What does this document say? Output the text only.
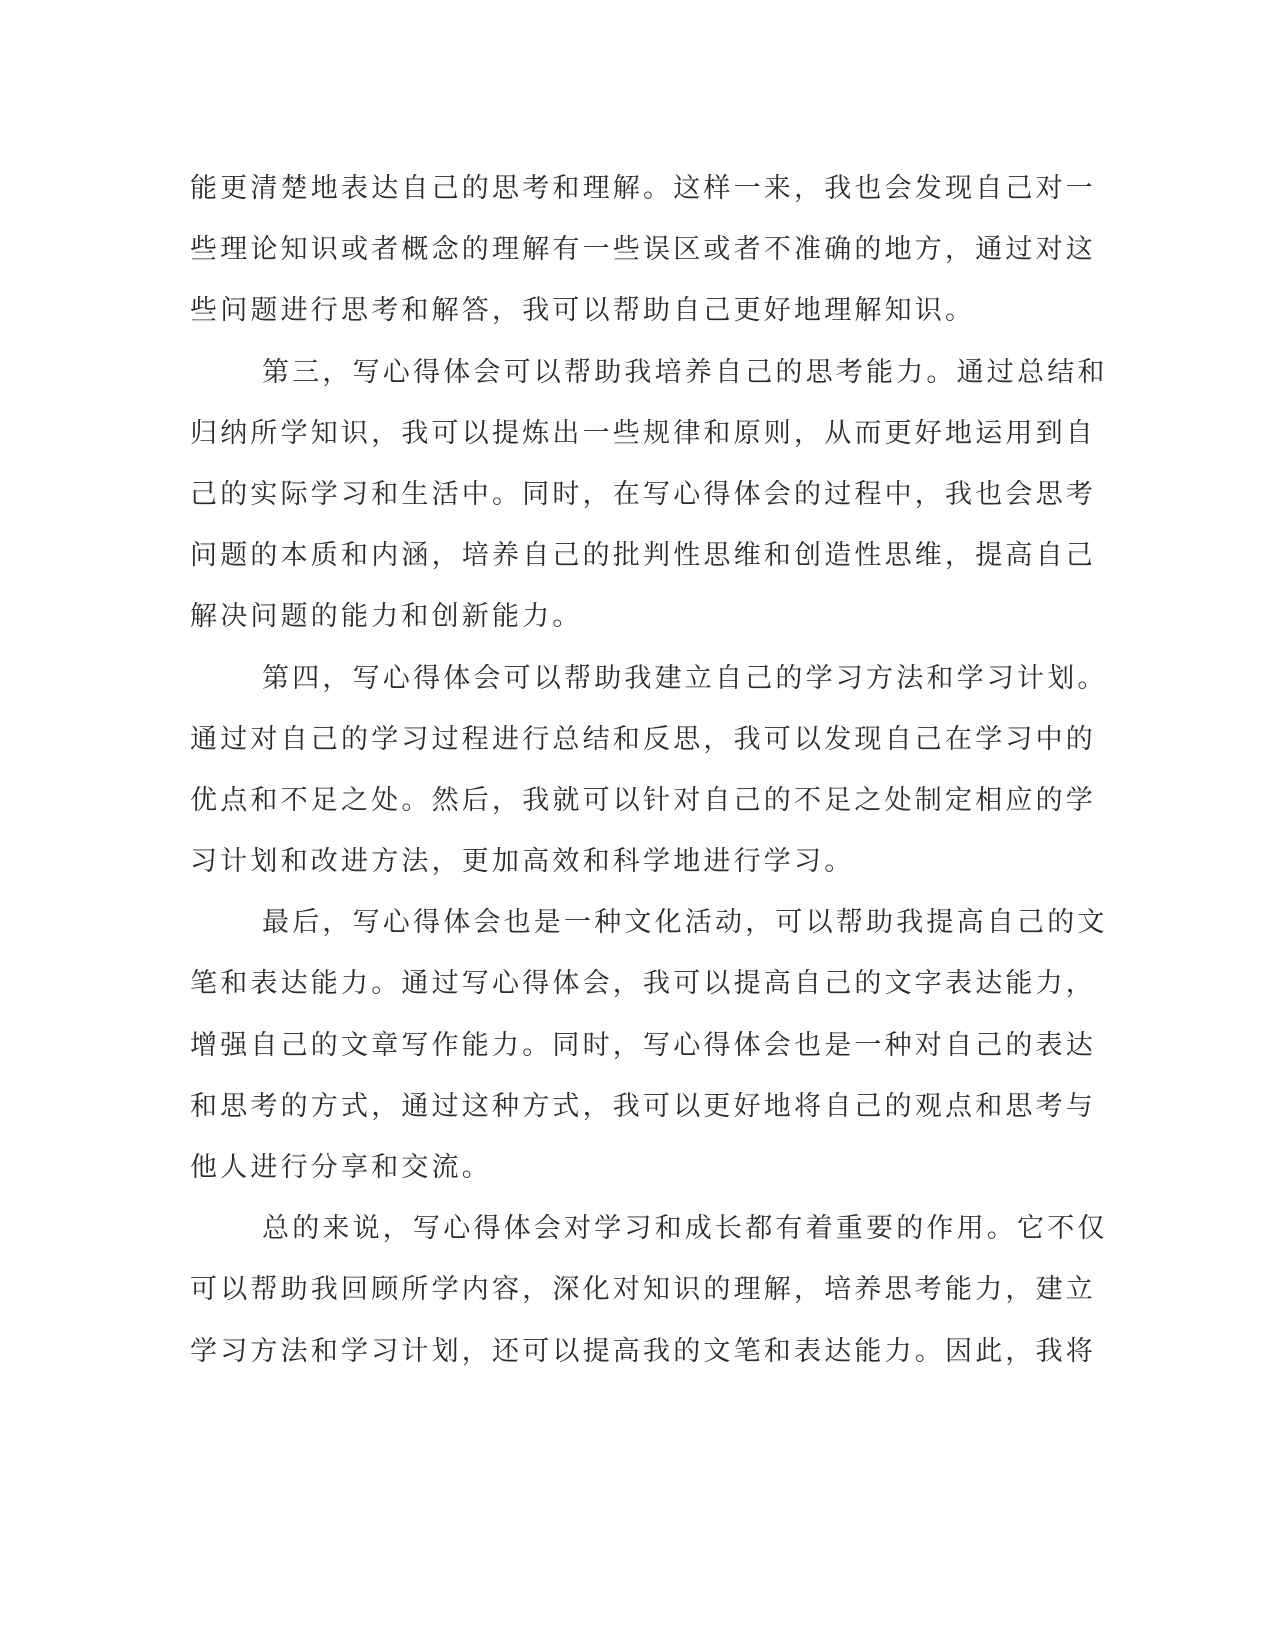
能更清楚地表达自己的思考和理解。这样一来，我也会发现自己对一
些理论知识或者概念的理解有一些误区或者不准确的地方，通过对这
些问题进行思考和解答，我可以帮助自己更好地理解知识。
第三，写心得体会可以帮助我培养自己的思考能力。通过总结和
归纳所学知识，我可以提炼出一些规律和原则，从而更好地运用到自
己的实际学习和生活中。同时，在写心得体会的过程中，我也会思考
问题的本质和内涵，培养自己的批判性思维和创造性思维，提高自己
解决问题的能力和创新能力。
第四，写心得体会可以帮助我建立自己的学习方法和学习计划。
通过对自己的学习过程进行总结和反思，我可以发现自己在学习中的
优点和不足之处。然后，我就可以针对自己的不足之处制定相应的学
习计划和改进方法，更加高效和科学地进行学习。
最后，写心得体会也是一种文化活动，可以帮助我提高自己的文
笔和表达能力。通过写心得体会，我可以提高自己的文字表达能力，
增强自己的文章写作能力。同时，写心得体会也是一种对自己的表达
和思考的方式，通过这种方式，我可以更好地将自己的观点和思考与
他人进行分享和交流。
总的来说，写心得体会对学习和成长都有着重要的作用。它不仅
可以帮助我回顾所学内容，深化对知识的理解，培养思考能力，建立
学习方法和学习计划，还可以提高我的文笔和表达能力。因此，我将
